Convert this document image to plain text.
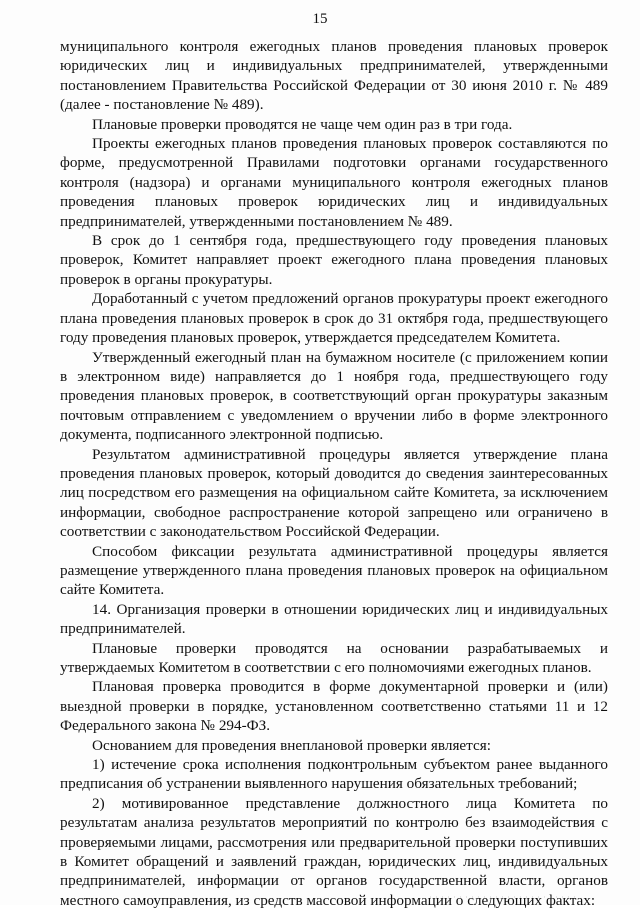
15

муниципального контроля ежегодных планов проведения плановых проверок юридических лиц и индивидуальных предпринимателей, утвержденными постановлением Правительства Российской Федерации от 30 июня 2010 г. № 489 (далее - постановление № 489).

Плановые проверки проводятся не чаще чем один раз в три года.

Проекты ежегодных планов проведения плановых проверок составляются по форме, предусмотренной Правилами подготовки органами государственного контроля (надзора) и органами муниципального контроля ежегодных планов проведения плановых проверок юридических лиц и индивидуальных предпринимателей, утвержденными постановлением № 489.

В срок до 1 сентября года, предшествующего году проведения плановых проверок, Комитет направляет проект ежегодного плана проведения плановых проверок в органы прокуратуры.

Доработанный с учетом предложений органов прокуратуры проект ежегодного плана проведения плановых проверок в срок до 31 октября года, предшествующего году проведения плановых проверок, утверждается председателем Комитета.

Утвержденный ежегодный план на бумажном носителе (с приложением копии в электронном виде) направляется до 1 ноября года, предшествующего году проведения плановых проверок, в соответствующий орган прокуратуры заказным почтовым отправлением с уведомлением о вручении либо в форме электронного документа, подписанного электронной подписью.

Результатом административной процедуры является утверждение плана проведения плановых проверок, который доводится до сведения заинтересованных лиц посредством его размещения на официальном сайте Комитета, за исключением информации, свободное распространение которой запрещено или ограничено в соответствии с законодательством Российской Федерации.

Способом фиксации результата административной процедуры является размещение утвержденного плана проведения плановых проверок на официальном сайте Комитета.

14. Организация проверки в отношении юридических лиц и индивидуальных предпринимателей.

Плановые проверки проводятся на основании разрабатываемых и утверждаемых Комитетом в соответствии с его полномочиями ежегодных планов.

Плановая проверка проводится в форме документарной проверки и (или) выездной проверки в порядке, установленном соответственно статьями 11 и 12 Федерального закона № 294-ФЗ.

Основанием для проведения внеплановой проверки является:

1) истечение срока исполнения подконтрольным субъектом ранее выданного предписания об устранении выявленного нарушения обязательных требований;

2) мотивированное представление должностного лица Комитета по результатам анализа результатов мероприятий по контролю без взаимодействия с проверяемыми лицами, рассмотрения или предварительной проверки поступивших в Комитет обращений и заявлений граждан, юридических лиц, индивидуальных предпринимателей, информации от органов государственной власти, органов местного самоуправления, из средств массовой информации о следующих фактах:
